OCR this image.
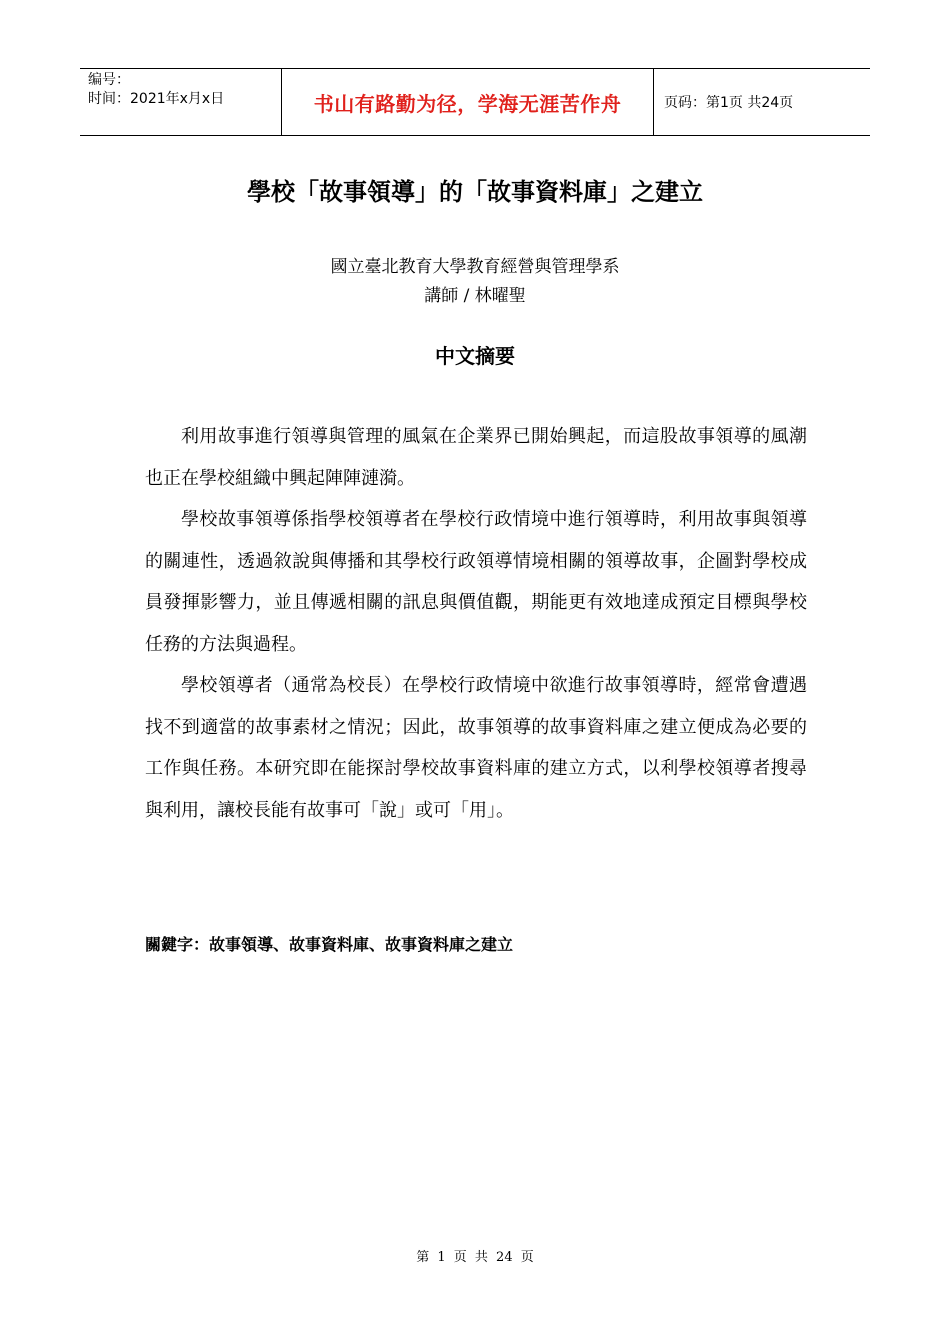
编号：
时间：2021年x月x日	书山有路勤为径，学海无涯苦作舟	页码：第1页 共24页
學校「故事領導」的「故事資料庫」之建立
國立臺北教育大學教育經營與管理學系
講師 / 林曜聖
中文摘要

利用故事進行領導與管理的風氣在企業界已開始興起，而這股故事領導的風潮也正在學校組織中興起陣陣漣漪。

學校故事領導係指學校領導者在學校行政情境中進行領導時，利用故事與領導的關連性，透過敘說與傳播和其學校行政領導情境相關的領導故事，企圖對學校成員發揮影響力，並且傳遞相關的訊息與價值觀，期能更有效地達成預定目標與學校任務的方法與過程。

學校領導者（通常為校長）在學校行政情境中欲進行故事領導時，經常會遭遇找不到適當的故事素材之情況；因此，故事領導的故事資料庫之建立便成為必要的工作與任務。本研究即在能探討學校故事資料庫的建立方式，以利學校領導者搜尋與利用，讓校長能有故事可「說」或可「用」。

關鍵字：故事領導、故事資料庫、故事資料庫之建立
第 1 页 共 24 页
